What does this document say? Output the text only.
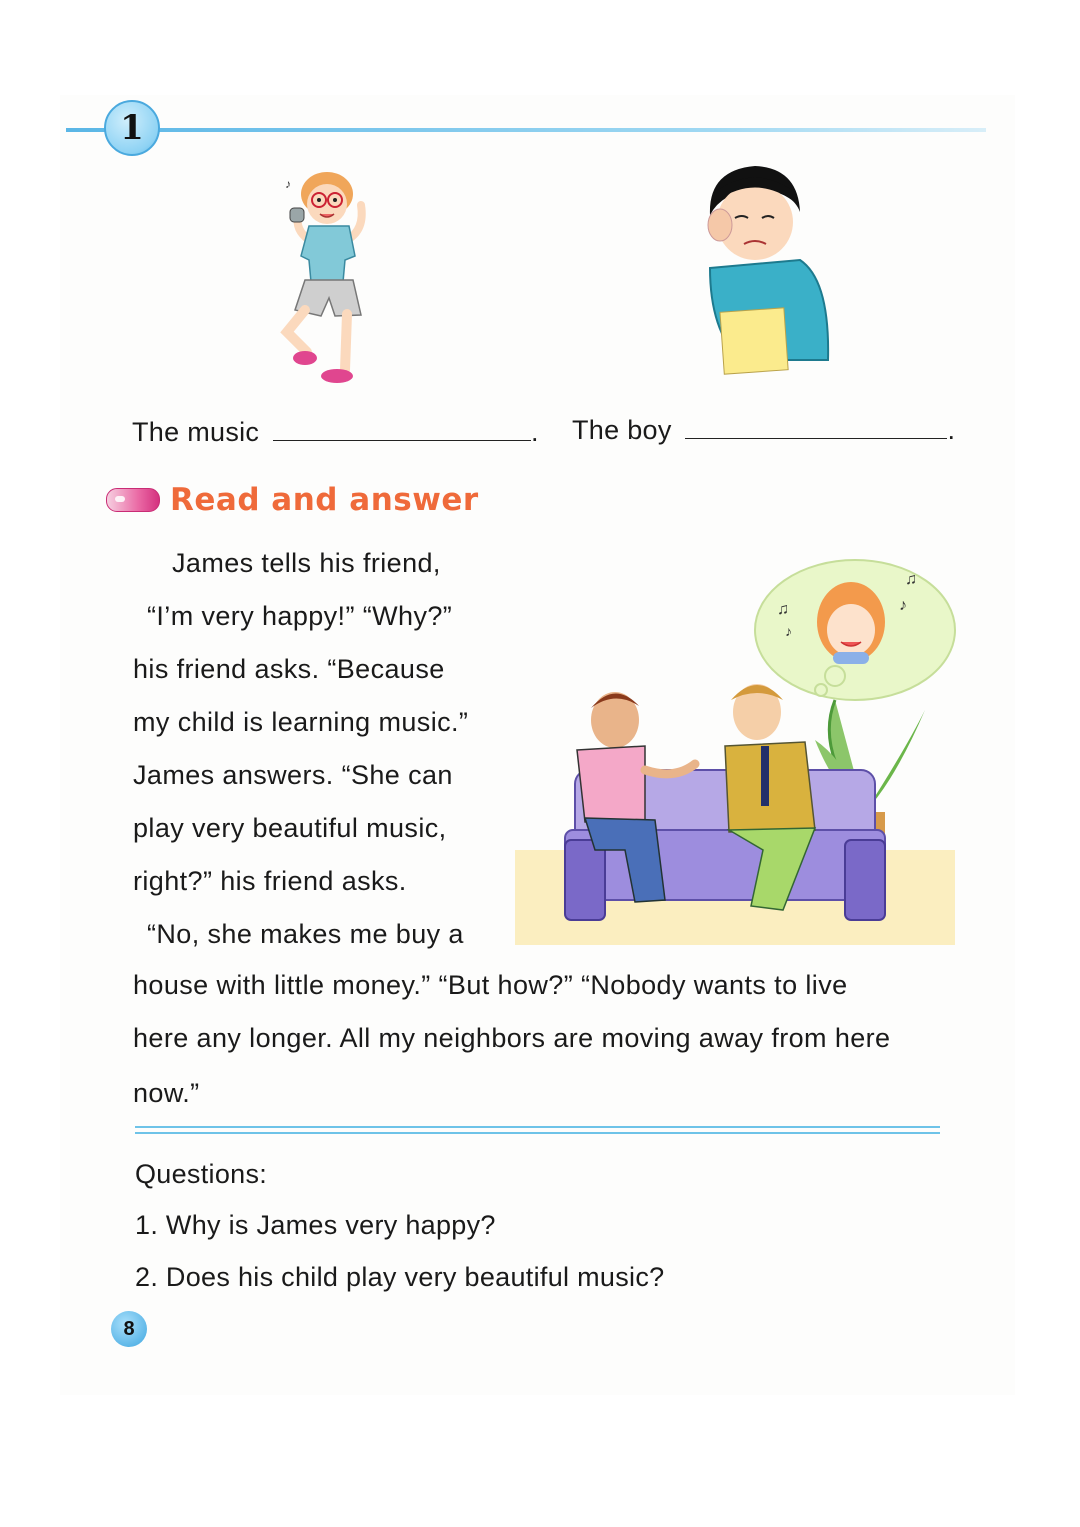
1
♪
The music	. The boy	.
Read and answer
♫
♪
♫
♪
James tells his friend,
“I’m very happy!” “Why?”
his friend asks. “Because
my child is learning music.”
James answers. “She can
play very beautiful music,
right?” his friend asks.
“No, she makes me buy a
house with little money.” “But how?” “Nobody wants to live
here any longer. All my neighbors are moving away from here
now.”
Questions:
1. Why is James very happy?
2. Does his child play very beautiful music?
8
